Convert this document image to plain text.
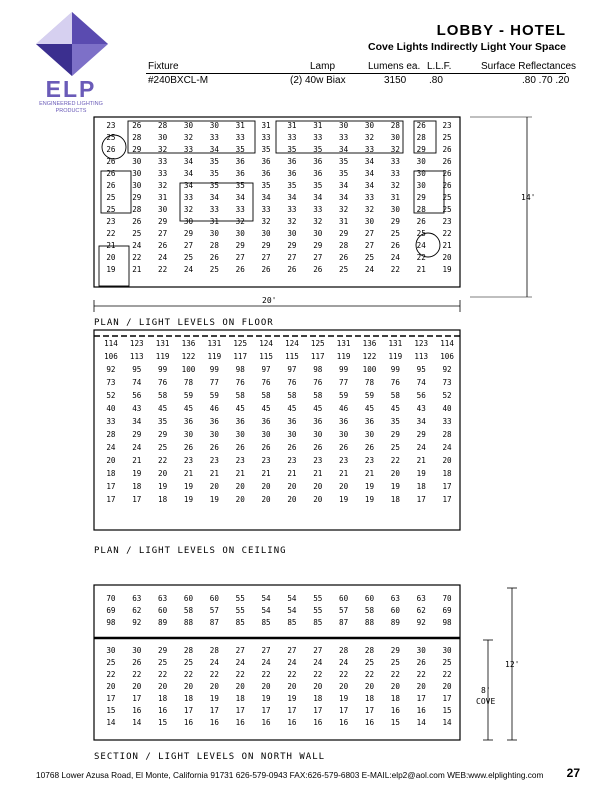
ELP
ENGINEERED LIGHTING PRODUCTS
LOBBY - HOTEL
Cove Lights Indirectly Light Your Space
Fixture	Lamp	Lumens ea. L.L.F.	Surface Reflectances
#240BXCL-M	(2) 40w Biax	3150 .80	.80 .70 .20
23	26	28	30	30	31	31	31	31	30	30	28	26	23
25	28	30	32	33	33	33	33	33	33	32	30	28	25
26	29	32	33	34	35	35	35	35	34	33	32	29	26
26	30	33	34	35	36	36	36	36	35	34	33	30	26
26	30	33	34	35	36	36	36	36	35	34	33	30	26
26	30	32	34	35	35	35	35	35	34	34	32	30	26
25	29	31	33	34	34	34	34	34	34	33	31	29	25
25	28	30	32	33	33	33	33	33	32	32	30	28	25
23	26	29	30	31	32	32	32	32	31	30	29	26	23
22	25	27	29	30	30	30	30	30	29	27	25	25	22
21	24	26	27	28	29	29	29	29	28	27	26	24	21
20	22	24	25	26	27	27	27	27	26	25	24	22	20
19	21	22	24	25	26	26	26	26	25	24	22	21	19
20'
14'
PLAN / LIGHT LEVELS ON FLOOR
114	123	131	136	131	125	124	124	125	131	136	131	123	114
106	113	119	122	119	117	115	115	117	119	122	119	113	106
92	95	99	100	99	98	97	97	98	99	100	99	95	92
73	74	76	78	77	76	76	76	76	77	78	76	74	73
52	56	58	59	59	58	58	58	58	59	59	58	56	52
40	43	45	45	46	45	45	45	45	46	45	45	43	40
33	34	35	36	36	36	36	36	36	36	36	35	34	33
28	29	29	30	30	30	30	30	30	30	30	29	29	28
24	24	25	26	26	26	26	26	26	26	26	25	24	24
20	21	22	23	23	23	23	23	23	23	23	22	21	20
18	19	20	21	21	21	21	21	21	21	21	20	19	18
17	18	19	19	20	20	20	20	20	20	19	19	18	17
17	17	18	19	19	20	20	20	20	19	19	18	17	17
PLAN / LIGHT LEVELS ON CEILING
70	63	63	60	60	55	54	54	55	60	60	63	63	70
69	62	60	58	57	55	54	54	55	57	58	60	62	69
98	92	89	88	87	85	85	85	85	87	88	89	92	98
30	30	29	28	28	27	27	27	27	28	28	29	30	30
25	26	25	25	24	24	24	24	24	24	25	25	26	25
22	22	22	22	22	22	22	22	22	22	22	22	22	22
20	20	20	20	20	20	20	20	20	20	20	20	20	20
17	17	18	18	19	18	19	19	18	19	18	18	17	17
15	16	16	17	17	17	17	17	17	17	17	16	16	15
14	14	15	16	16	16	16	16	16	16	16	15	14	14
12'
8'
COVE
SECTION / LIGHT LEVELS ON NORTH WALL
10768 Lower Azusa Road, El Monte, California 91731 626-579-0943 FAX:626-579-6803 E-MAIL:elp2@aol.com WEB:www.elplighting.com 27
